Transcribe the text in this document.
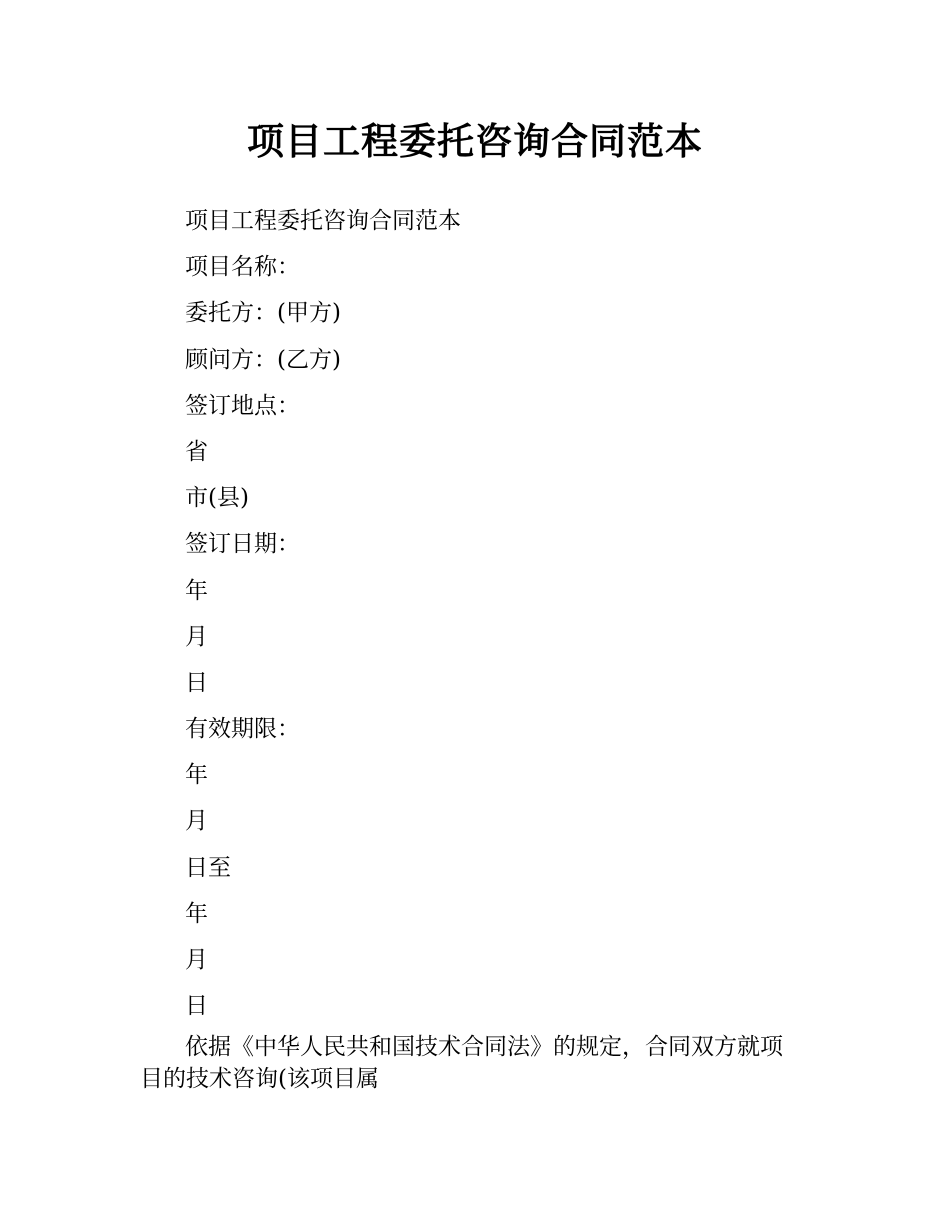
项目工程委托咨询合同范本

项目工程委托咨询合同范本

项目名称：

委托方：(甲方)

顾问方：(乙方)

签订地点：

省

市(县)

签订日期：

年

月

日

有效期限：

年

月

日至

年

月

日

依据《中华人民共和国技术合同法》的规定，合同双方就项目的技术咨询(该项目属
